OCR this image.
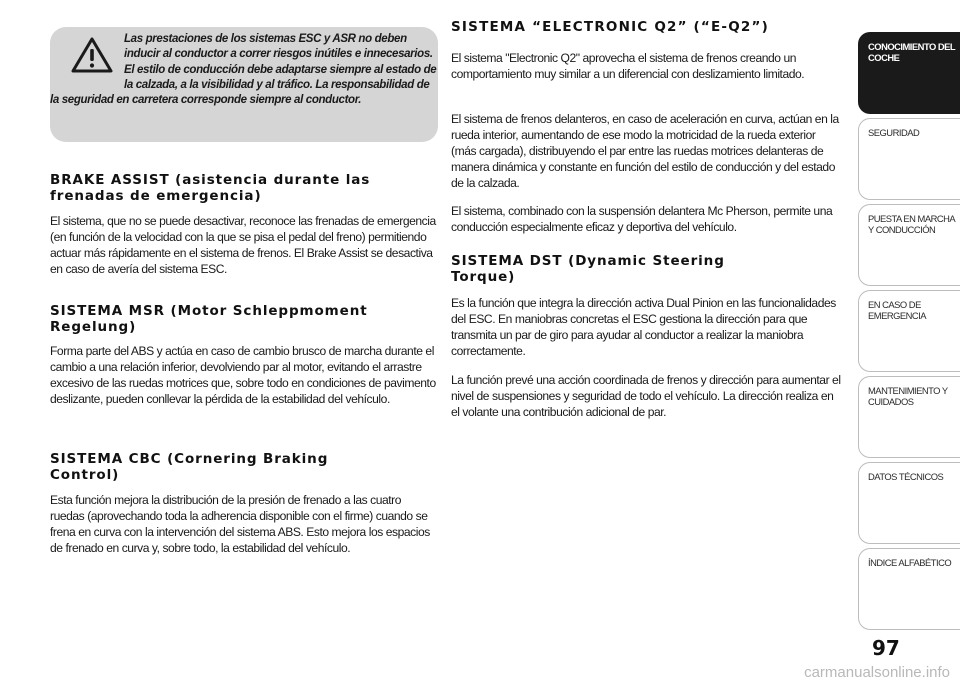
Las prestaciones de los sistemas ESC y ASR no deben inducir al conductor a correr riesgos inútiles e innecesarios. El estilo de conducción debe adaptarse siempre al estado de la calzada, a la visibilidad y al tráfico. La responsabilidad de la seguridad en carretera corresponde siempre al conductor.

BRAKE ASSIST (asistencia durante las frenadas de emergencia)

El sistema, que no se puede desactivar, reconoce las frenadas de emergencia (en función de la velocidad con la que se pisa el pedal del freno) permitiendo actuar más rápidamente en el sistema de frenos. El Brake Assist se desactiva en caso de avería del sistema ESC.

SISTEMA MSR (Motor Schleppmoment Regelung)

Forma parte del ABS y actúa en caso de cambio brusco de marcha durante el cambio a una relación inferior, devolviendo par al motor, evitando el arrastre excesivo de las ruedas motrices que, sobre todo en condiciones de pavimento deslizante, pueden conllevar la pérdida de la estabilidad del vehículo.

SISTEMA CBC (Cornering Braking Control)

Esta función mejora la distribución de la presión de frenado a las cuatro ruedas (aprovechando toda la adherencia disponible con el firme) cuando se frena en curva con la intervención del sistema ABS. Esto mejora los espacios de frenado en curva y, sobre todo, la estabilidad del vehículo.

SISTEMA “ELECTRONIC Q2” (“E-Q2”)

El sistema "Electronic Q2" aprovecha el sistema de frenos creando un comportamiento muy similar a un diferencial con deslizamiento limitado.

El sistema de frenos delanteros, en caso de aceleración en curva, actúan en la rueda interior, aumentando de ese modo la motricidad de la rueda exterior (más cargada), distribuyendo el par entre las ruedas motrices delanteras de manera dinámica y constante en función del estilo de conducción y del estado de la calzada.

El sistema, combinado con la suspensión delantera Mc Pherson, permite una conducción especialmente eficaz y deportiva del vehículo.

SISTEMA DST (Dynamic Steering Torque)

Es la función que integra la dirección activa Dual Pinion en las funcionalidades del ESC. En maniobras concretas el ESC gestiona la dirección para que transmita un par de giro para ayudar al conductor a realizar la maniobra correctamente.

La función prevé una acción coordinada de frenos y dirección para aumentar el nivel de suspensiones y seguridad de todo el vehículo. La dirección realiza en el volante una contribución adicional de par.

CONOCIMIENTO DEL COCHE
SEGURIDAD
PUESTA EN MARCHA Y CONDUCCIÓN
EN CASO DE EMERGENCIA
MANTENIMIENTO Y CUIDADOS
DATOS TÉCNICOS
ÍNDICE ALFABÉTICO
97
carmanualsonline.info
